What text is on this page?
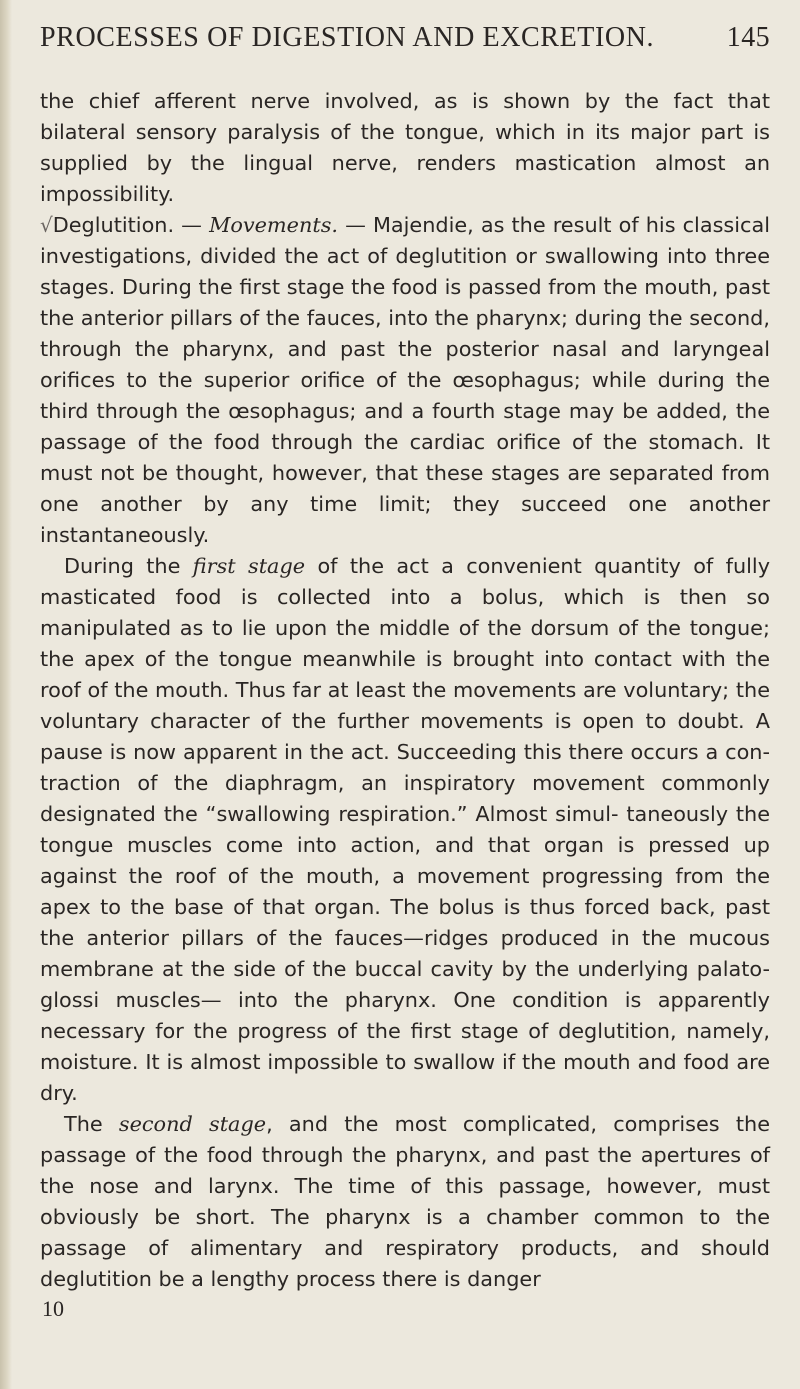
PROCESSES OF DIGESTION AND EXCRETION.	145

the chief afferent nerve involved, as is shown by the fact that bilateral sensory paralysis of the tongue, which in its major part is supplied by the lingual nerve, renders mastication almost an impossibility.

√Deglutition. — Movements. — Majendie, as the result of his classical investigations, divided the act of deglutition or swallowing into three stages. During the first stage the food is passed from the mouth, past the anterior pillars of the fauces, into the pharynx; during the second, through the pharynx, and past the posterior nasal and laryngeal orifices to the superior orifice of the œsophagus; while during the third through the œsophagus; and a fourth stage may be added, the passage of the food through the cardiac orifice of the stomach. It must not be thought, however, that these stages are separated from one another by any time limit; they succeed one another instantaneously.

During the first stage of the act a convenient quantity of fully masticated food is collected into a bolus, which is then so manipulated as to lie upon the middle of the dorsum of the tongue; the apex of the tongue meanwhile is brought into contact with the roof of the mouth. Thus far at least the movements are voluntary; the voluntary character of the further movements is open to doubt. A pause is now apparent in the act. Succeeding this there occurs a con- traction of the diaphragm, an inspiratory movement commonly designated the “swallowing respiration.” Almost simul- taneously the tongue muscles come into action, and that organ is pressed up against the roof of the mouth, a movement progressing from the apex to the base of that organ. The bolus is thus forced back, past the anterior pillars of the fauces—ridges produced in the mucous membrane at the side of the buccal cavity by the underlying palato-glossi muscles— into the pharynx. One condition is apparently necessary for the progress of the first stage of deglutition, namely, moisture. It is almost impossible to swallow if the mouth and food are dry.

The second stage, and the most complicated, comprises the passage of the food through the pharynx, and past the apertures of the nose and larynx. The time of this passage, however, must obviously be short. The pharynx is a chamber common to the passage of alimentary and respiratory products, and should deglutition be a lengthy process there is danger

10
